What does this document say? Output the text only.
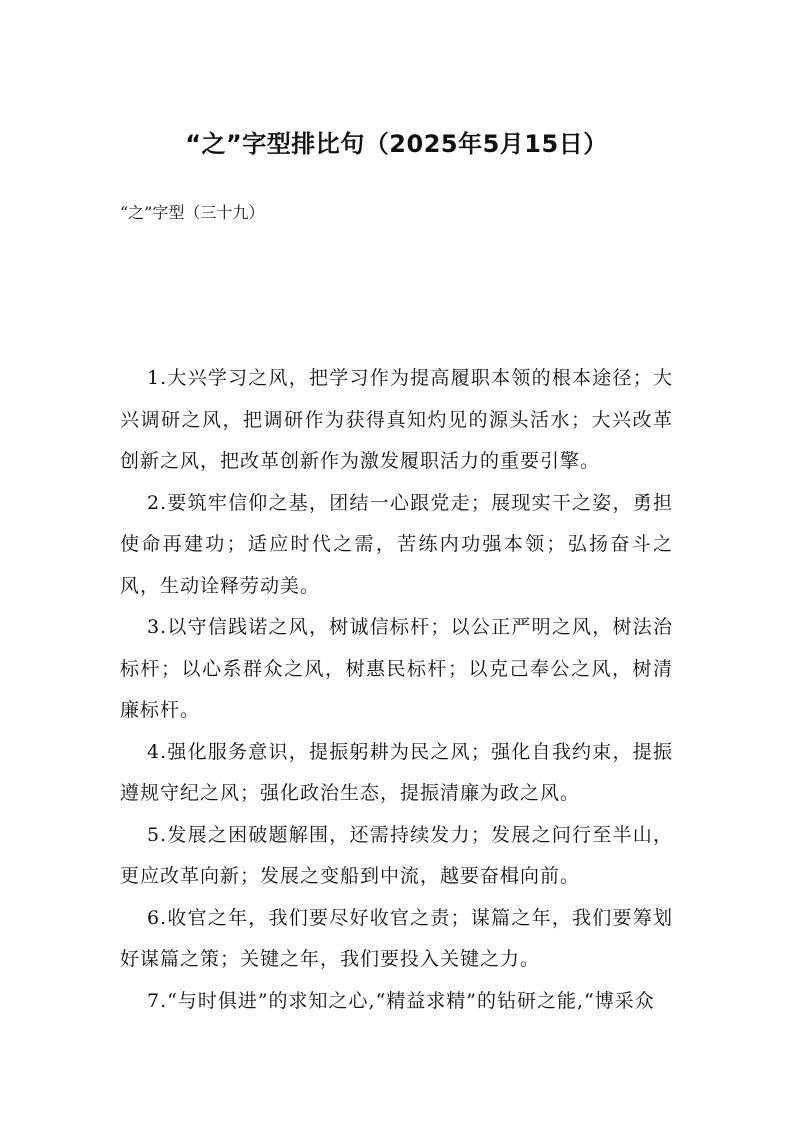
“之”字型排比句（2025年5月15日）
“之”字型（三十九）

1.大兴学习之风，把学习作为提高履职本领的根本途径；大兴调研之风，把调研作为获得真知灼见的源头活水；大兴改革创新之风，把改革创新作为激发履职活力的重要引擎。

2.要筑牢信仰之基，团结一心跟党走；展现实干之姿，勇担使命再建功；适应时代之需，苦练内功强本领；弘扬奋斗之风，生动诠释劳动美。

3.以守信践诺之风，树诚信标杆；以公正严明之风，树法治标杆；以心系群众之风，树惠民标杆；以克己奉公之风，树清廉标杆。

4.强化服务意识，提振躬耕为民之风；强化自我约束，提振遵规守纪之风；强化政治生态，提振清廉为政之风。

5.发展之困破题解围，还需持续发力；发展之问行至半山，更应改革向新；发展之变船到中流，越要奋楫向前。

6.收官之年，我们要尽好收官之责；谋篇之年，我们要筹划好谋篇之策；关键之年，我们要投入关键之力。

7.“与时俱进”的求知之心,“精益求精”的钻研之能,“博采众
